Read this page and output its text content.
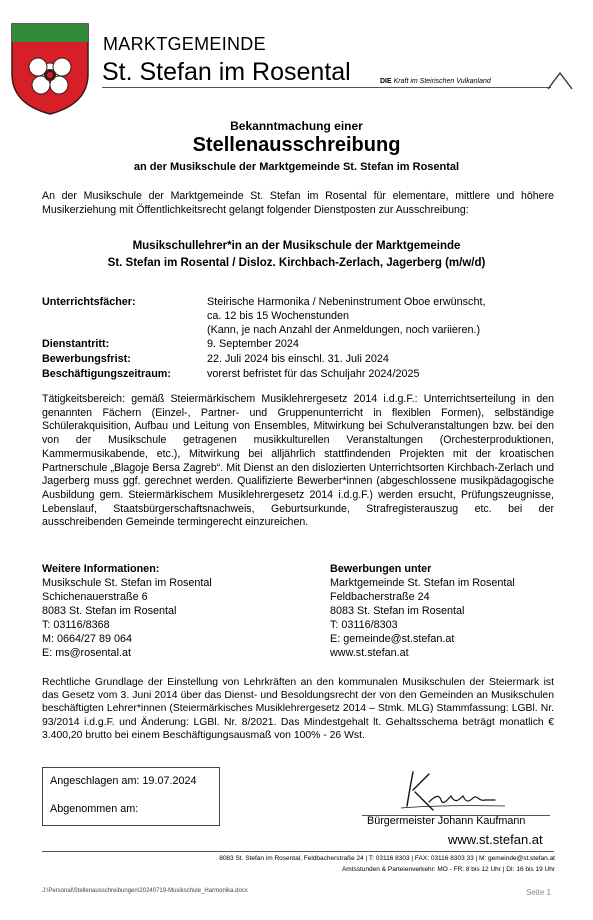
MARKTGEMEINDE
St. Stefan im Rosental	DIE Kraft im Steirischen Vulkanland
Bekanntmachung einer
Stellenausschreibung
an der Musikschule der Marktgemeinde St. Stefan im Rosental
An der Musikschule der Marktgemeinde St. Stefan im Rosental für elementare, mittlere und höhere Musikerziehung mit Öffentlichkeitsrecht gelangt folgender Dienstposten zur Ausschreibung:
Musikschullehrer*in an der Musikschule der Marktgemeinde
St. Stefan im Rosental / Disloz. Kirchbach-Zerlach, Jagerberg (m/w/d)
Unterrichtsfächer:	Steirische Harmonika / Nebeninstrument Oboe erwünscht,
ca. 12 bis 15 Wochenstunden
(Kann, je nach Anzahl der Anmeldungen, noch variieren.)
Dienstantritt:	9. September 2024
Bewerbungsfrist:	22. Juli 2024 bis einschl. 31. Juli 2024
Beschäftigungszeitraum:	vorerst befristet für das Schuljahr 2024/2025
Tätigkeitsbereich: gemäß Steiermärkischem Musiklehrergesetz 2014 i.d.g.F.: Unterrichtserteilung in den genannten Fächern (Einzel-, Partner- und Gruppenunterricht in flexiblen Formen), selbständige Schülerakquisition, Aufbau und Leitung von Ensembles, Mitwirkung bei Schulveranstaltungen bzw. bei den von der Musikschule getragenen musikkulturellen Veranstaltungen (Orchesterproduktionen, Kammermusikabende, etc.), Mitwirkung bei alljährlich stattfindenden Projekten mit der kroatischen Partnerschule „Blagoje Bersa Zagreb“. Mit Dienst an den dislozierten Unterrichtsorten Kirchbach-Zerlach und Jagerberg muss ggf. gerechnet werden. Qualifizierte Bewerber*innen (abgeschlossene musikpädagogische Ausbildung gem. Steiermärkischem Musiklehrergesetz 2014 i.d.g.F.) werden ersucht, Prüfungszeugnisse, Lebenslauf, Staatsbürgerschaftsnachweis, Geburtsurkunde, Strafregisterauszug etc. bei der ausschreibenden Gemeinde termingerecht einzureichen.
Weitere Informationen:
Musikschule St. Stefan im Rosental
Schichenauerstraße 6
8083 St. Stefan im Rosental
T: 03116/8368
M: 0664/27 89 064
E: ms@rosental.at
Bewerbungen unter
Marktgemeinde St. Stefan im Rosental
Feldbacherstraße 24
8083 St. Stefan im Rosental
T: 03116/8303
E: gemeinde@st.stefan.at
www.st.stefan.at
Rechtliche Grundlage der Einstellung von Lehrkräften an den kommunalen Musikschulen der Steiermark ist das Gesetz vom 3. Juni 2014 über das Dienst- und Besoldungsrecht der von den Gemeinden an Musikschulen beschäftigten Lehrer*innen (Steiermärkisches Musiklehrergesetz 2014 – Stmk. MLG) Stammfassung: LGBl. Nr. 93/2014 i.d.g.F. und Änderung: LGBl. Nr. 8/2021. Das Mindestgehalt lt. Gehaltsschema beträgt monatlich € 3.400,20 brutto bei einem Beschäftigungsausmaß von 100% - 26 Wst.
Angeschlagen am: 19.07.2024
Abgenommen am:
Bürgermeister Johann Kaufmann
www.st.stefan.at
8083 St. Stefan im Rosental, Feldbacherstraße 24 | T: 03116 8303 | FAX: 03116 8303 33 | M: gemeinde@st.stefan.at
Amtsstunden & Parteienverkehr: MO - FR: 8 bis 12 Uhr | DI: 16 bis 19 Uhr
J:\Personal\Stellenausschreibungen\20240719-Musikschule_Harmonika.docx	Seite 1
